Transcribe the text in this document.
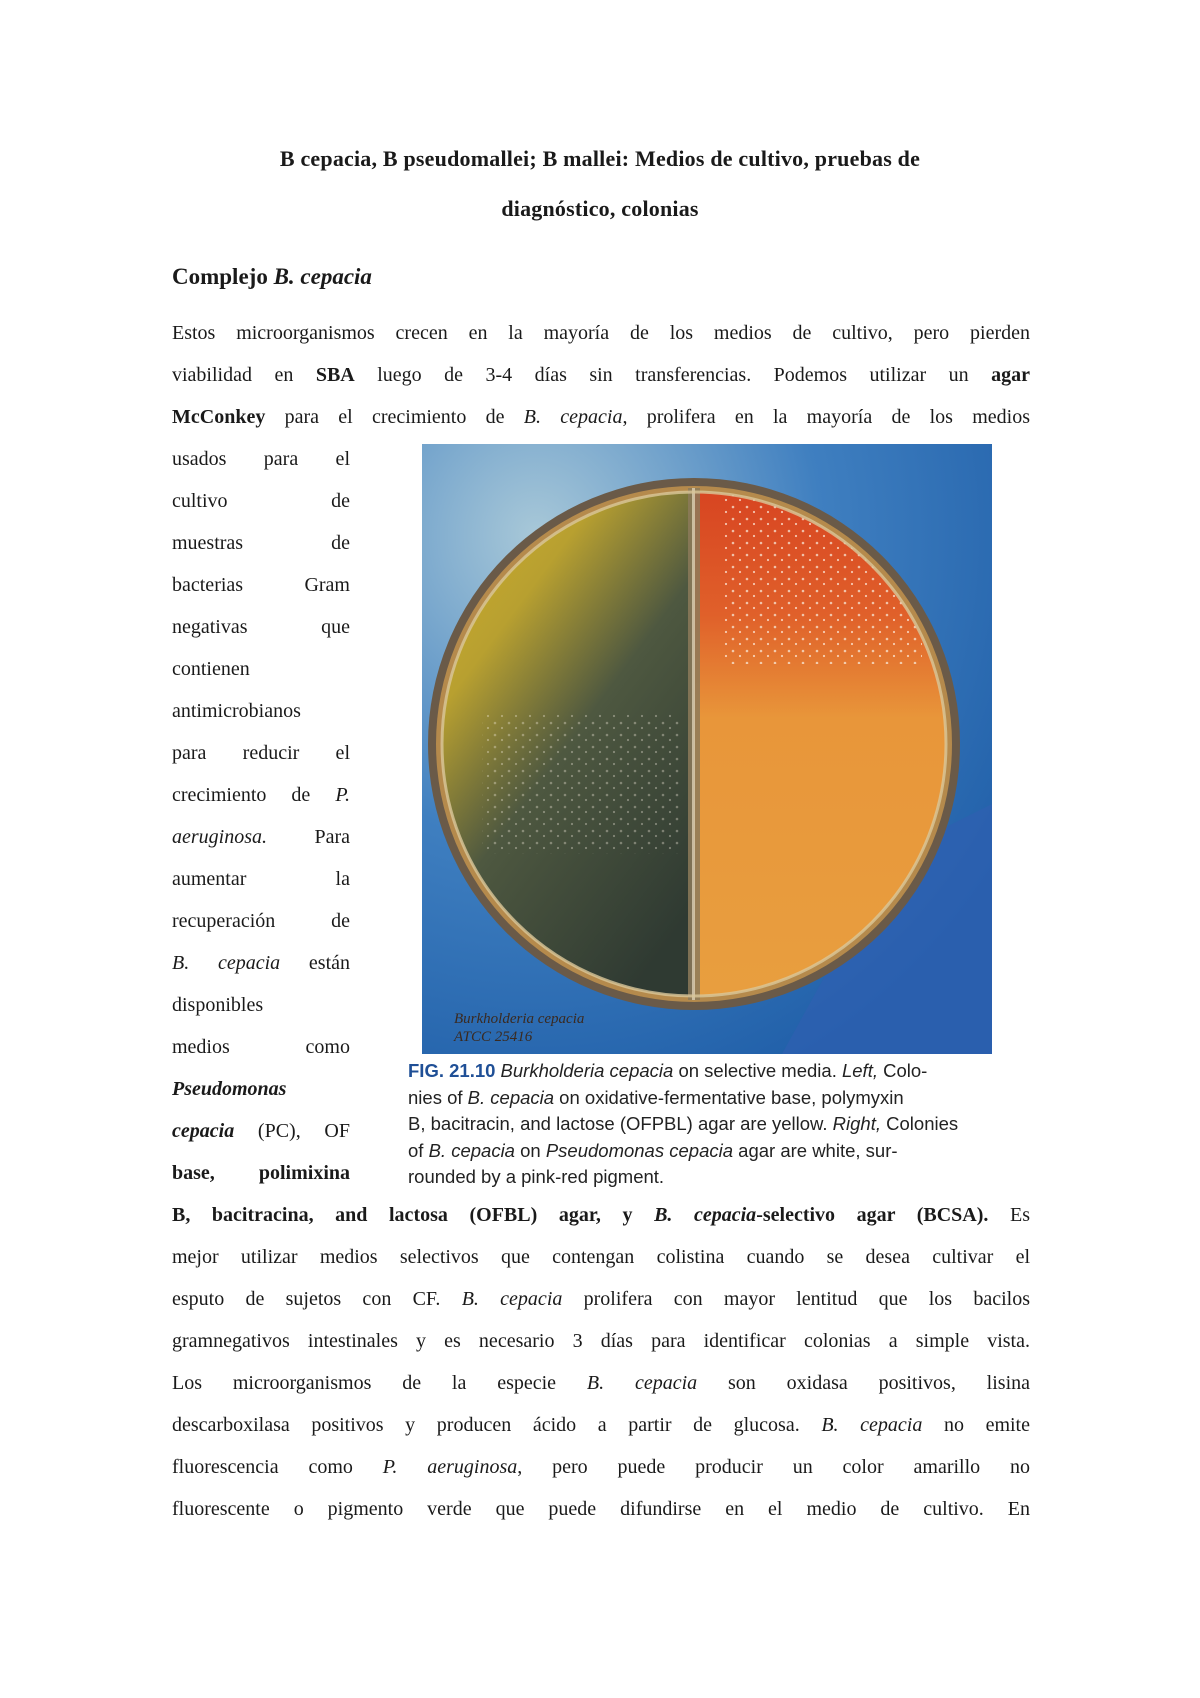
B cepacia, B pseudomallei; B mallei: Medios de cultivo, pruebas de
diagnóstico, colonias
Complejo B. cepacia
Estos microorganismos crecen en la mayoría de los medios de cultivo, pero pierden
viabilidad en SBA luego de 3-4 días sin transferencias. Podemos utilizar un agar
McConkey para el crecimiento de B. cepacia, prolifera en la mayoría de los medios
usados para el
cultivo de
muestras de
bacterias Gram
negativas que
contienen
antimicrobianos
para reducir el
crecimiento de P.
aeruginosa. Para
aumentar la
recuperación de
B. cepacia están
disponibles
medios como
Pseudomonas
cepacia (PC), OF
base, polimixina
Burkholderia cepacia
ATCC 25416
FIG. 21.10 Burkholderia cepacia on selective media. Left, Colo-
nies of B. cepacia on oxidative-fermentative base, polymyxin
B, bacitracin, and lactose (OFPBL) agar are yellow. Right, Colonies
of B. cepacia on Pseudomonas cepacia agar are white, sur-
rounded by a pink-red pigment.
B, bacitracina, and lactosa (OFBL) agar, y B. cepacia-selectivo agar (BCSA). Es
mejor utilizar medios selectivos que contengan colistina cuando se desea cultivar el
esputo de sujetos con CF. B. cepacia prolifera con mayor lentitud que los bacilos
gramnegativos intestinales y es necesario 3 días para identificar colonias a simple vista.
Los microorganismos de la especie B. cepacia son oxidasa positivos, lisina
descarboxilasa positivos y producen ácido a partir de glucosa. B. cepacia no emite
fluorescencia como P. aeruginosa, pero puede producir un color amarillo no
fluorescente o pigmento verde que puede difundirse en el medio de cultivo. En
